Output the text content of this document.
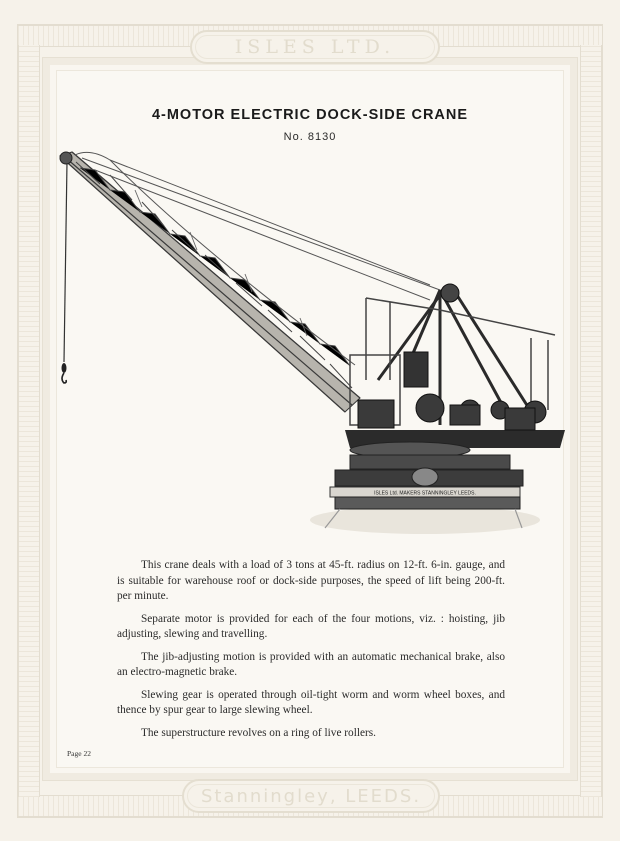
ISLES LTD.
4-MOTOR ELECTRIC DOCK-SIDE CRANE
No. 8130
ISLES Ltd. MAKERS STANNINGLEY LEEDS.

This crane deals with a load of 3 tons at 45-ft. radius on 12-ft. 6-in. gauge, and is suitable for warehouse roof or dock-side purposes, the speed of lift being 200-ft. per minute.

Separate motor is provided for each of the four motions, viz. : hoisting, jib adjusting, slewing and travelling.

The jib-adjusting motion is provided with an automatic mechanical brake, also an electro-magnetic brake.

Slewing gear is operated through oil-tight worm and worm wheel boxes, and thence by spur gear to large slewing wheel.

The superstructure revolves on a ring of live rollers.

Page 22
Stanningley, LEEDS.
